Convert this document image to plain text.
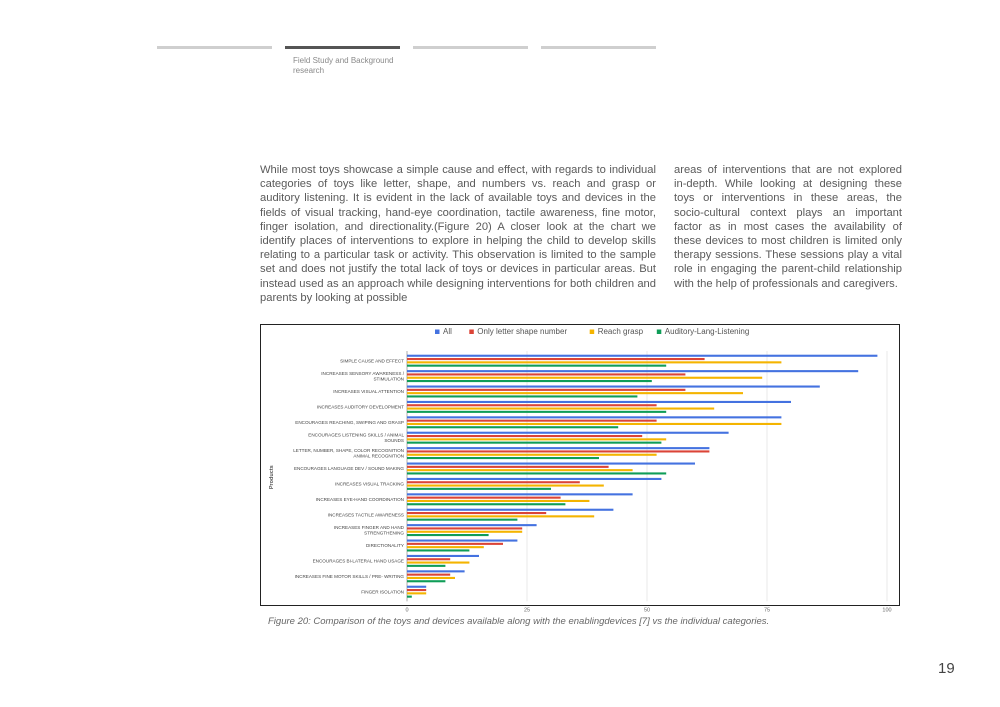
Field Study and Background research

While most toys showcase a simple cause and effect, with regards to individual categories of toys like letter, shape, and numbers vs. reach and grasp or auditory listening. It is evident in the lack of available toys and devices in the fields of visual tracking, hand-eye coordination, tactile awareness, fine motor, finger isolation, and directionality.(Figure 20) A closer look at the chart we identify places of interventions to explore in helping the child to develop skills relating to a particular task or activity. This observation is limited to the sample set and does not justify the total lack of toys or devices in particular areas. But instead used as an approach while designing interventions for both children and parents by looking at possible

areas of interventions that are not explored in-depth. While looking at designing these toys or interventions in these areas, the socio-cultural context plays an important factor as in most cases the availability of these devices to most children is limited only therapy sessions. These sessions play a vital role in engaging the parent-child relationship with the help of professionals and caregivers.

0	25	50	75	100
All	Only letter shape number	Reach grasp	Auditory-Lang-Listening
Products
SIMPLE CAUSE AND EFFECT
INCREASES SENSORY AWARENESS / STIMULATION
INCREASES VISUAL ATTENTION
INCREASES AUDITORY DEVELOPMENT
ENCOURAGES REACHING, SWIPING AND GRASP
ENCOURAGES LISTENING SKILLS / ANIMAL SOUNDS
LETTER, NUMBER, SHAPE, COLOR RECOGNITION ANIMAL RECOGNITION
ENCOURAGES LANGUAGE DEV / SOUND MAKING
INCREASES VISUAL TRACKING
INCREASES EYE-HAND COORDINATION
INCREASES TACTILE AWARENESS
INCREASES FINGER AND HAND STRENGTHENING
DIRECTIONALITY
ENCOURAGES BI-LATERAL HAND USAGE
INCREASES FINE MOTOR SKILLS / PRE- WRITING
FINGER ISOLATION

Figure 20: Comparison of the toys and devices available along with the enablingdevices [7] vs the individual categories.

19
